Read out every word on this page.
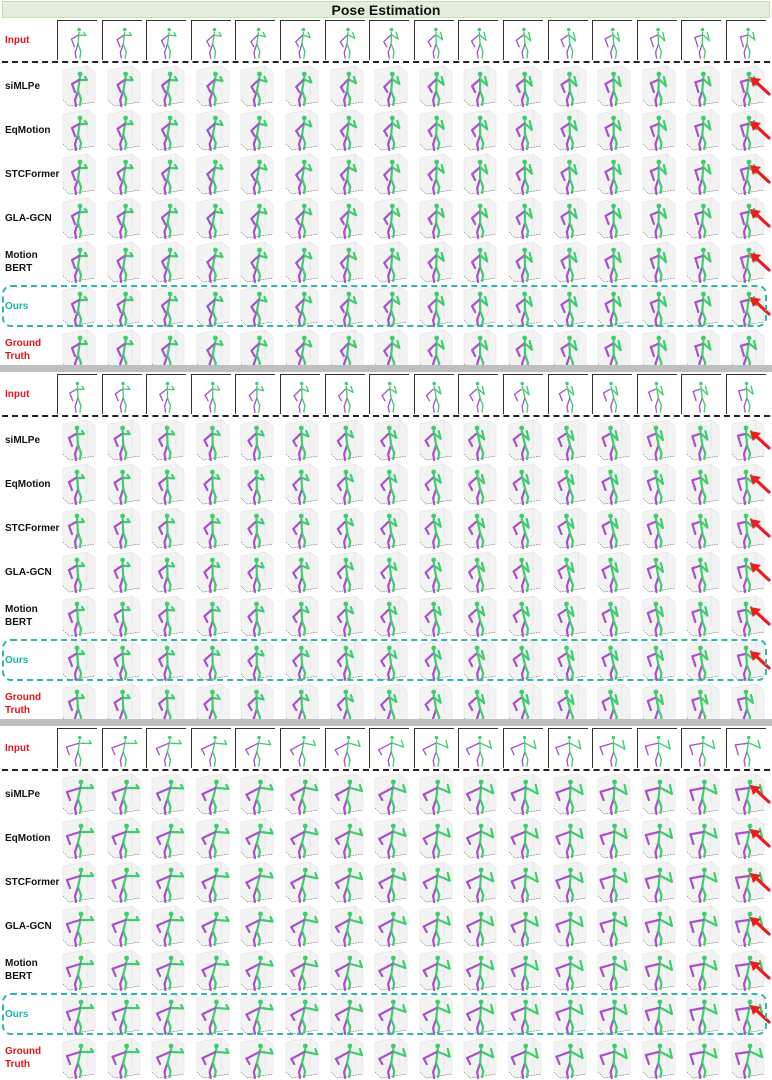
Pose Estimation
Input
siMLPe
EqMotion
STCFormer
GLA-GCN
Motion BERT
Ours
Ground Truth
Input
siMLPe
EqMotion
STCFormer
GLA-GCN
Motion BERT
Ours
Ground Truth
Input
siMLPe
EqMotion
STCFormer
GLA-GCN
Motion BERT
Ours
Ground Truth
